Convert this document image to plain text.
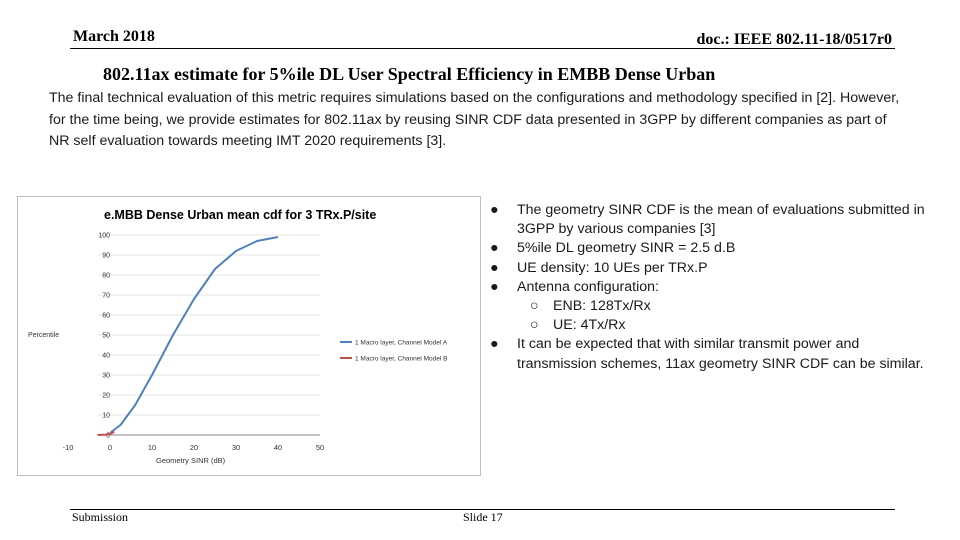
March 2018	doc.: IEEE 802.11-18/0517r0
802.11ax estimate for 5%ile DL User Spectral Efficiency in EMBB Dense Urban
The final technical evaluation of this metric requires simulations based on the configurations and methodology specified in [2]. However, for the time being, we provide estimates for 802.11ax by reusing SINR CDF data presented in 3GPP by different companies as part of NR self evaluation towards meeting IMT 2020 requirements [3].
e.MBB Dense Urban mean cdf for 3 TRx.P/site
0
10
20
30
40
50
60
70
80
90
100
-10	0	10	20	30	40	50
Percentile
Geometry SINR (dB)
1 Macro layer, Channel Model A
1 Macro layer, Channel Model B
● The geometry SINR CDF is the mean of evaluations submitted in 3GPP by various companies [3]
● 5%ile DL geometry SINR = 2.5 d.B
● UE density: 10 UEs per TRx.P
● Antenna configuration:
○ ENB: 128Tx/Rx
○ UE: 4Tx/Rx
● It can be expected that with similar transmit power and transmission schemes, 11ax geometry SINR CDF can be similar.
Submission	Slide 17
